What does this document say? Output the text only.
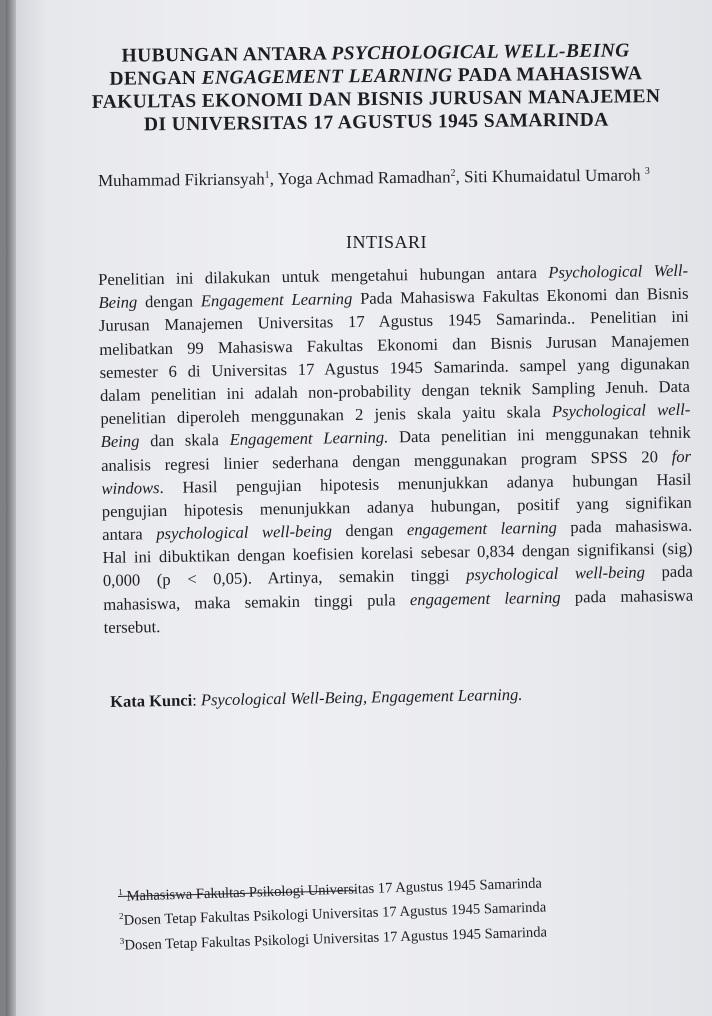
HUBUNGAN ANTARA PSYCHOLOGICAL WELL-BEING
DENGAN ENGAGEMENT LEARNING PADA MAHASISWA
FAKULTAS EKONOMI DAN BISNIS JURUSAN MANAJEMEN
DI UNIVERSITAS 17 AGUSTUS 1945 SAMARINDA
Muhammad Fikriansyah$^1$, Yoga Achmad Ramadhan$^2$, Siti Khumaidatul Umaroh $^3$
INTISARI
Penelitian ini dilakukan untuk mengetahui hubungan antara Psychological Well-
Being dengan Engagement Learning Pada Mahasiswa Fakultas Ekonomi dan Bisnis
Jurusan Manajemen Universitas 17 Agustus 1945 Samarinda.. Penelitian ini
melibatkan 99 Mahasiswa Fakultas Ekonomi dan Bisnis Jurusan Manajemen
semester 6 di Universitas 17 Agustus 1945 Samarinda. sampel yang digunakan
dalam penelitian ini adalah non-probability dengan teknik Sampling Jenuh. Data
penelitian diperoleh menggunakan 2 jenis skala yaitu skala Psychological well-
Being dan skala Engagement Learning. Data penelitian ini menggunakan tehnik
analisis regresi linier sederhana dengan menggunakan program SPSS 20 for
windows. Hasil pengujian hipotesis menunjukkan adanya hubungan Hasil
pengujian hipotesis menunjukkan adanya hubungan, positif yang signifikan
antara psychological well-being dengan engagement learning pada mahasiswa.
Hal ini dibuktikan dengan koefisien korelasi sebesar 0,834 dengan signifikansi (sig)
0,000 (p < 0,05). Artinya, semakin tinggi psychological well-being pada
mahasiswa, maka semakin tinggi pula engagement learning pada mahasiswa
tersebut.
Kata Kunci: Psycological Well-Being, Engagement Learning.
$^1$ Mahasiswa Fakultas Psikologi Universitas 17 Agustus 1945 Samarinda
$^2$Dosen Tetap Fakultas Psikologi Universitas 17 Agustus 1945 Samarinda
$^3$Dosen Tetap Fakultas Psikologi Universitas 17 Agustus 1945 Samarinda
